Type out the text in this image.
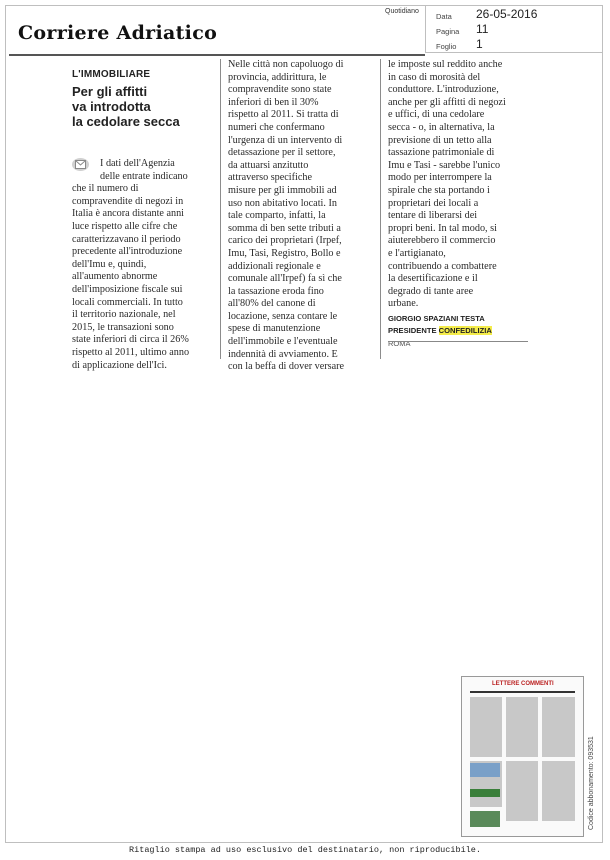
Corriere Adriatico
Quotidiano
Data 26-05-2016
Pagina 11
Foglio 1
L'IMMOBILIARE
Per gli affitti
va introdotta
la cedolare secca
I dati dell'Agenzia
delle entrate indicano
che il numero di
compravendite di negozi in
Italia è ancora distante anni
luce rispetto alle cifre che
caratterizzavano il periodo
precedente all'introduzione
dell'Imu e, quindi,
all'aumento abnorme
dell'imposizione fiscale sui
locali commerciali. In tutto
il territorio nazionale, nel
2015, le transazioni sono
state inferiori di circa il 26%
rispetto al 2011, ultimo anno
di applicazione dell'Ici.
Nelle città non capoluogo di
provincia, addirittura, le
compravendite sono state
inferiori di ben il 30%
rispetto al 2011. Si tratta di
numeri che confermano
l'urgenza di un intervento di
detassazione per il settore,
da attuarsi anzitutto
attraverso specifiche
misure per gli immobili ad
uso non abitativo locati. In
tale comparto, infatti, la
somma di ben sette tributi a
carico dei proprietari (Irpef,
Imu, Tasi, Registro, Bollo e
addizionali regionale e
comunale all'Irpef) fa sì che
la tassazione eroda fino
all'80% del canone di
locazione, senza contare le
spese di manutenzione
dell'immobile e l'eventuale
indennità di avviamento. E
con la beffa di dover versare
le imposte sul reddito anche
in caso di morosità del
conduttore. L'introduzione,
anche per gli affitti di negozi
e uffici, di una cedolare
secca - o, in alternativa, la
previsione di un tetto alla
tassazione patrimoniale di
Imu e Tasi - sarebbe l'unico
modo per interrompere la
spirale che sta portando i
proprietari dei locali a
tentare di liberarsi dei
propri beni. In tal modo, si
aiuterebbero il commercio
e l'artigianato,
contribuendo a combattere
la desertificazione e il
degrado di tante aree
urbane.
GIORGIO SPAZIANI TESTA
PRESIDENTE CONFEDILIZIA
ROMA
LETTERE COMMENTI
Codice abbonamento: 093531
Ritaglio stampa ad uso esclusivo del destinatario, non riproducibile.
